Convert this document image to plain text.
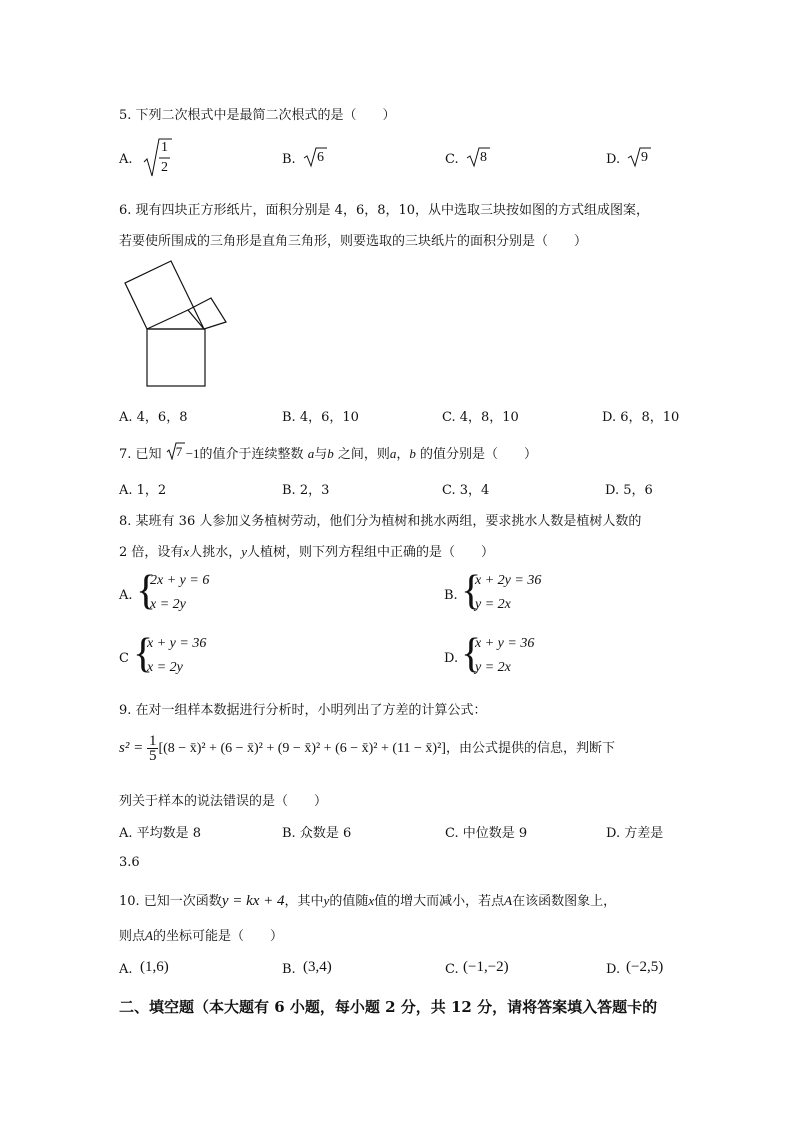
5. 下列二次根式中是最简二次根式的是（　　）
A.
1
2
B. 6	C. 8	D. 9
6. 现有四块正方形纸片，面积分别是 4，6，8，10，从中选取三块按如图的方式组成图案，
若要使所围成的三角形是直角三角形，则要选取的三块纸片的面积分别是（　　）
A. 4，6，8	B. 4，6，10	C. 4，8，10	D. 6，8，10
7. 已知 7 −1的值介于连续整数 a与b 之间，则a，b 的值分别是（　　）
A. 1，2	B. 2，3	C. 3，4	D. 5，6
8. 某班有 36 人参加义务植树劳动，他们分为植树和挑水两组，要求挑水人数是植树人数的
2 倍，设有x人挑水，y人植树，则下列方程组中正确的是（　　）
A. {
2x + y = 6
x = 2y
B. {
x + 2y = 36
y = 2x
C {
x + y = 36
x = 2y
D. {
x + y = 36
y = 2x
9. 在对一组样本数据进行分析时，小明列出了方差的计算公式：
$s^2 = \frac{1}{5} [(8$ − x̄)² + (6 − x̄)² + (9 − x̄)² + (6 − x̄)² + (11 − x̄)²]，由公式提供的信息，判断下
列关于样本的说法错误的是（　　）
A. 平均数是 8	B. 众数是 6	C. 中位数是 9	D. 方差是
3.6
10. 已知一次函数y = kx + 4，其中y的值随x值的增大而减小，若点A在该函数图象上，
则点A的坐标可能是（　　）
A. (1,6)	B. (3,4)	C. (−1,−2)	D. (−2,5)
二、填空题（本大题有 6 小题，每小题 2 分，共 12 分，请将答案填入答题卡的
